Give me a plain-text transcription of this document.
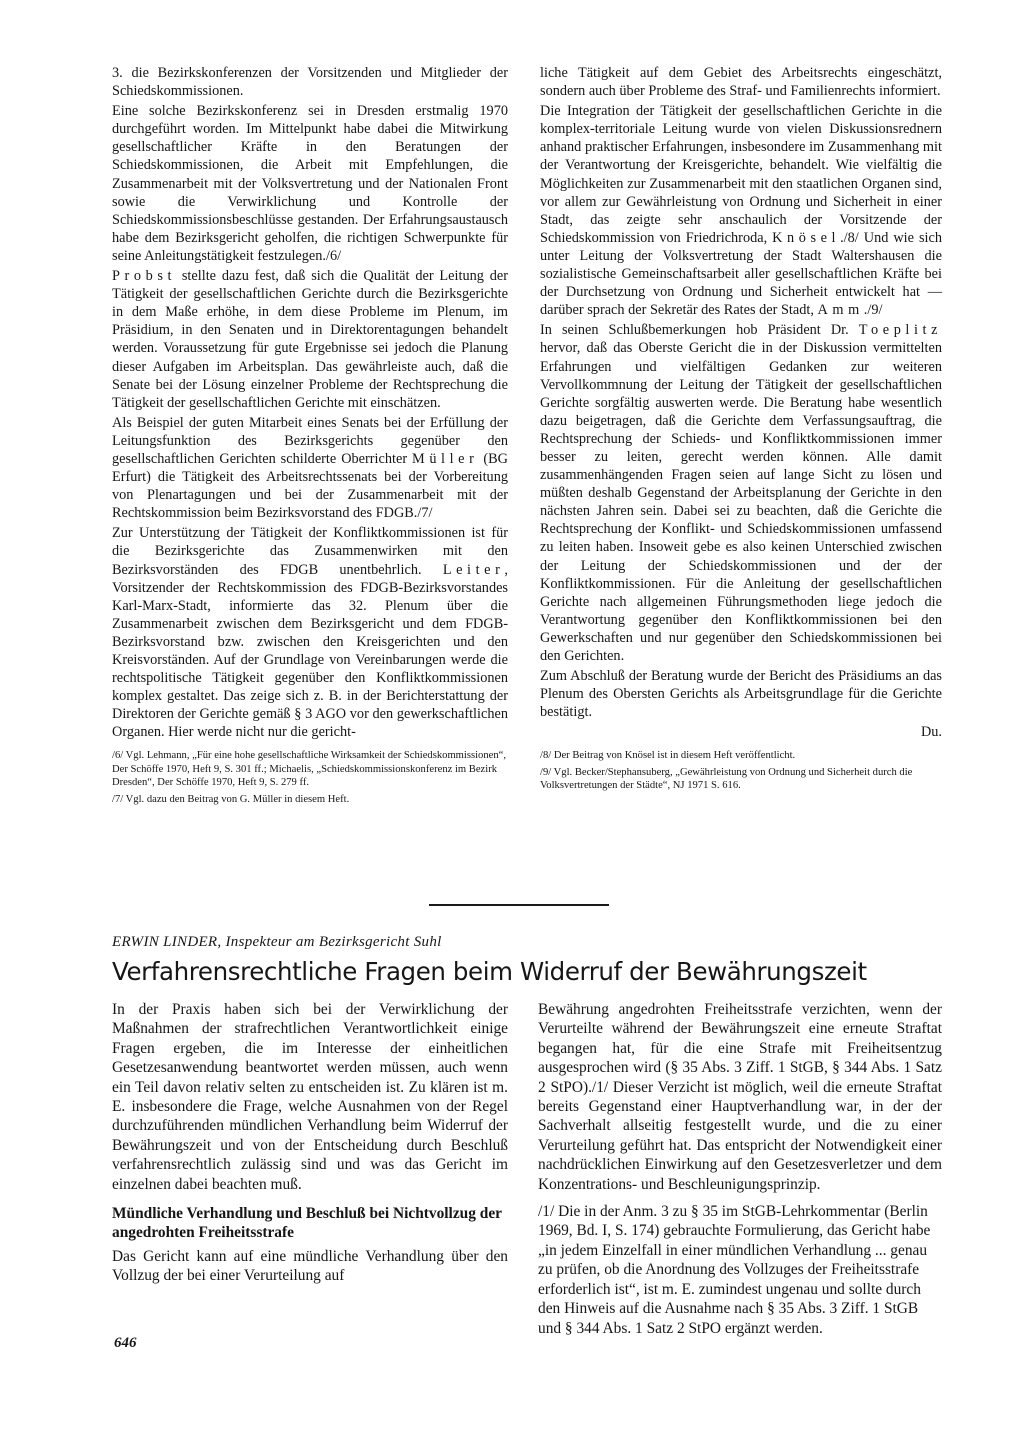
3. die Bezirkskonferenzen der Vorsitzenden und Mitglieder der Schiedskommissionen.

Eine solche Bezirkskonferenz sei in Dresden erstmalig 1970 durchgeführt worden. Im Mittelpunkt habe dabei die Mitwirkung gesellschaftlicher Kräfte in den Beratungen der Schiedskommissionen, die Arbeit mit Empfehlungen, die Zusammenarbeit mit der Volksvertretung und der Nationalen Front sowie die Verwirklichung und Kontrolle der Schiedskommissionsbeschlüsse gestanden. Der Erfahrungsaustausch habe dem Bezirksgericht geholfen, die richtigen Schwerpunkte für seine Anleitungstätigkeit festzulegen./6/

Probst stellte dazu fest, daß sich die Qualität der Leitung der Tätigkeit der gesellschaftlichen Gerichte durch die Bezirksgerichte in dem Maße erhöhe, in dem diese Probleme im Plenum, im Präsidium, in den Senaten und in Direktorentagungen behandelt werden. Voraussetzung für gute Ergebnisse sei jedoch die Planung dieser Aufgaben im Arbeitsplan. Das gewährleiste auch, daß die Senate bei der Lösung einzelner Probleme der Rechtsprechung die Tätigkeit der gesellschaftlichen Gerichte mit einschätzen.

Als Beispiel der guten Mitarbeit eines Senats bei der Erfüllung der Leitungsfunktion des Bezirksgerichts gegenüber den gesellschaftlichen Gerichten schilderte Oberrichter Müller (BG Erfurt) die Tätigkeit des Arbeitsrechtssenats bei der Vorbereitung von Plenartagungen und bei der Zusammenarbeit mit der Rechtskommission beim Bezirksvorstand des FDGB./7/

Zur Unterstützung der Tätigkeit der Konfliktkommissionen ist für die Bezirksgerichte das Zusammenwirken mit den Bezirksvorständen des FDGB unentbehrlich. Leiter, Vorsitzender der Rechtskommission des FDGB-Bezirksvorstandes Karl-Marx-Stadt, informierte das 32. Plenum über die Zusammenarbeit zwischen dem Bezirksgericht und dem FDGB-Bezirksvorstand bzw. zwischen den Kreisgerichten und den Kreisvorständen. Auf der Grundlage von Vereinbarungen werde die rechtspolitische Tätigkeit gegenüber den Konfliktkommissionen komplex gestaltet. Das zeige sich z. B. in der Berichterstattung der Direktoren der Gerichte gemäß § 3 AGO vor den gewerkschaftlichen Organen. Hier werde nicht nur die gericht-

/6/ Vgl. Lehmann, „Für eine hohe gesellschaftliche Wirksamkeit der Schiedskommissionen“, Der Schöffe 1970, Heft 9, S. 301 ff.; Michaelis, „Schiedskommissionskonferenz im Bezirk Dresden“, Der Schöffe 1970, Heft 9, S. 279 ff.

/7/ Vgl. dazu den Beitrag von G. Müller in diesem Heft.

liche Tätigkeit auf dem Gebiet des Arbeitsrechts eingeschätzt, sondern auch über Probleme des Straf- und Familienrechts informiert.

Die Integration der Tätigkeit der gesellschaftlichen Gerichte in die komplex-territoriale Leitung wurde von vielen Diskussionsrednern anhand praktischer Erfahrungen, insbesondere im Zusammenhang mit der Verantwortung der Kreisgerichte, behandelt. Wie vielfältig die Möglichkeiten zur Zusammenarbeit mit den staatlichen Organen sind, vor allem zur Gewährleistung von Ordnung und Sicherheit in einer Stadt, das zeigte sehr anschaulich der Vorsitzende der Schiedskommission von Friedrichroda, Knösel./8/ Und wie sich unter Leitung der Volksvertretung der Stadt Waltershausen die sozialistische Gemeinschaftsarbeit aller gesellschaftlichen Kräfte bei der Durchsetzung von Ordnung und Sicherheit entwickelt hat — darüber sprach der Sekretär des Rates der Stadt, Amm./9/

In seinen Schlußbemerkungen hob Präsident Dr. Toeplitz hervor, daß das Oberste Gericht die in der Diskussion vermittelten Erfahrungen und vielfältigen Gedanken zur weiteren Vervollkommnung der Leitung der Tätigkeit der gesellschaftlichen Gerichte sorgfältig auswerten werde. Die Beratung habe wesentlich dazu beigetragen, daß die Gerichte dem Verfassungsauftrag, die Rechtsprechung der Schieds- und Konfliktkommissionen immer besser zu leiten, gerecht werden können. Alle damit zusammenhängenden Fragen seien auf lange Sicht zu lösen und müßten deshalb Gegenstand der Arbeitsplanung der Gerichte in den nächsten Jahren sein. Dabei sei zu beachten, daß die Gerichte die Rechtsprechung der Konflikt- und Schiedskommissionen umfassend zu leiten haben. Insoweit gebe es also keinen Unterschied zwischen der Leitung der Schiedskommissionen und der der Konfliktkommissionen. Für die Anleitung der gesellschaftlichen Gerichte nach allgemeinen Führungsmethoden liege jedoch die Verantwortung gegenüber den Konfliktkommissionen bei den Gewerkschaften und nur gegenüber den Schiedskommissionen bei den Gerichten.

Zum Abschluß der Beratung wurde der Bericht des Präsidiums an das Plenum des Obersten Gerichts als Arbeitsgrundlage für die Gerichte bestätigt.

Du.

/8/ Der Beitrag von Knösel ist in diesem Heft veröffentlicht.

/9/ Vgl. Becker/Stephansuberg, „Gewährleistung von Ordnung und Sicherheit durch die Volksvertretungen der Städte“, NJ 1971 S. 616.

ERWIN LINDER, Inspekteur am Bezirksgericht Suhl

Verfahrensrechtliche Fragen beim Widerruf der Bewährungszeit

In der Praxis haben sich bei der Verwirklichung der Maßnahmen der strafrechtlichen Verantwortlichkeit einige Fragen ergeben, die im Interesse der einheitlichen Gesetzesanwendung beantwortet werden müssen, auch wenn ein Teil davon relativ selten zu entscheiden ist. Zu klären ist m. E. insbesondere die Frage, welche Ausnahmen von der Regel durchzuführenden mündlichen Verhandlung beim Widerruf der Bewährungszeit und von der Entscheidung durch Beschluß verfahrensrechtlich zulässig sind und was das Gericht im einzelnen dabei beachten muß.

Mündliche Verhandlung und Beschluß bei Nichtvollzug der angedrohten Freiheitsstrafe

Das Gericht kann auf eine mündliche Verhandlung über den Vollzug der bei einer Verurteilung auf

Bewährung angedrohten Freiheitsstrafe verzichten, wenn der Verurteilte während der Bewährungszeit eine erneute Straftat begangen hat, für die eine Strafe mit Freiheitsentzug ausgesprochen wird (§ 35 Abs. 3 Ziff. 1 StGB, § 344 Abs. 1 Satz 2 StPO)./1/ Dieser Verzicht ist möglich, weil die erneute Straftat bereits Gegenstand einer Hauptverhandlung war, in der der Sachverhalt allseitig festgestellt wurde, und die zu einer Verurteilung geführt hat. Das entspricht der Notwendigkeit einer nachdrücklichen Einwirkung auf den Gesetzesverletzer und dem Konzentrations- und Beschleunigungsprinzip.

/1/ Die in der Anm. 3 zu § 35 im StGB-Lehrkommentar (Berlin 1969, Bd. I, S. 174) gebrauchte Formulierung, das Gericht habe „in jedem Einzelfall in einer mündlichen Verhandlung ... genau zu prüfen, ob die Anordnung des Vollzuges der Freiheitsstrafe erforderlich ist“, ist m. E. zumindest ungenau und sollte durch den Hinweis auf die Ausnahme nach § 35 Abs. 3 Ziff. 1 StGB und § 344 Abs. 1 Satz 2 StPO ergänzt werden.

646
